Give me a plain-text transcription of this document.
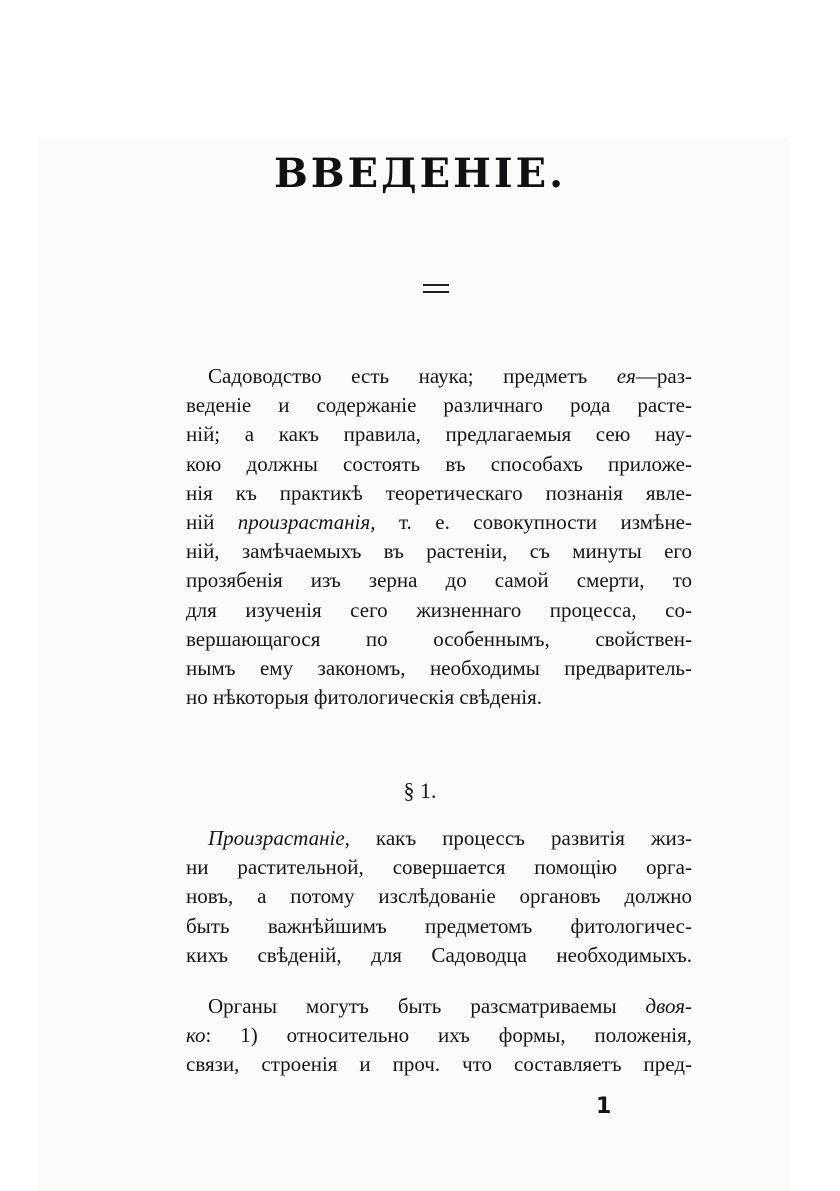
ВВЕДЕНІЕ.
Садоводство есть наука; предметъ ея—раз-
веденіе и содержаніе различнаго рода расте-
ній; а какъ правила, предлагаемыя сею нау-
кою должны состоять въ способахъ приложе-
нія къ практикѣ теоретическаго познанія явле-
ній произрастанія, т. е. совокупности измѣне-
ній, замѣчаемыхъ въ растеніи, съ минуты его
прозябенія изъ зерна до самой смерти, то
для изученія сего жизненнаго процесса, со-
вершающагося по особеннымъ, свойствен-
нымъ ему закономъ, необходимы предваритель-
но нѣкоторыя фитологическія свѣденія.
§ 1.
Произрастаніе, какъ процессъ развитія жиз-
ни растительной, совершается помощію орга-
новъ, а потому изслѣдованіе органовъ должно
быть важнѣйшимъ предметомъ фитологичес-
кихъ свѣденій, для Садоводца необходимыхъ.
Органы могутъ быть разсматриваемы двоя-
ко: 1) относительно ихъ формы, положенія,
связи, строенія и проч. что составляетъ пред-
1
